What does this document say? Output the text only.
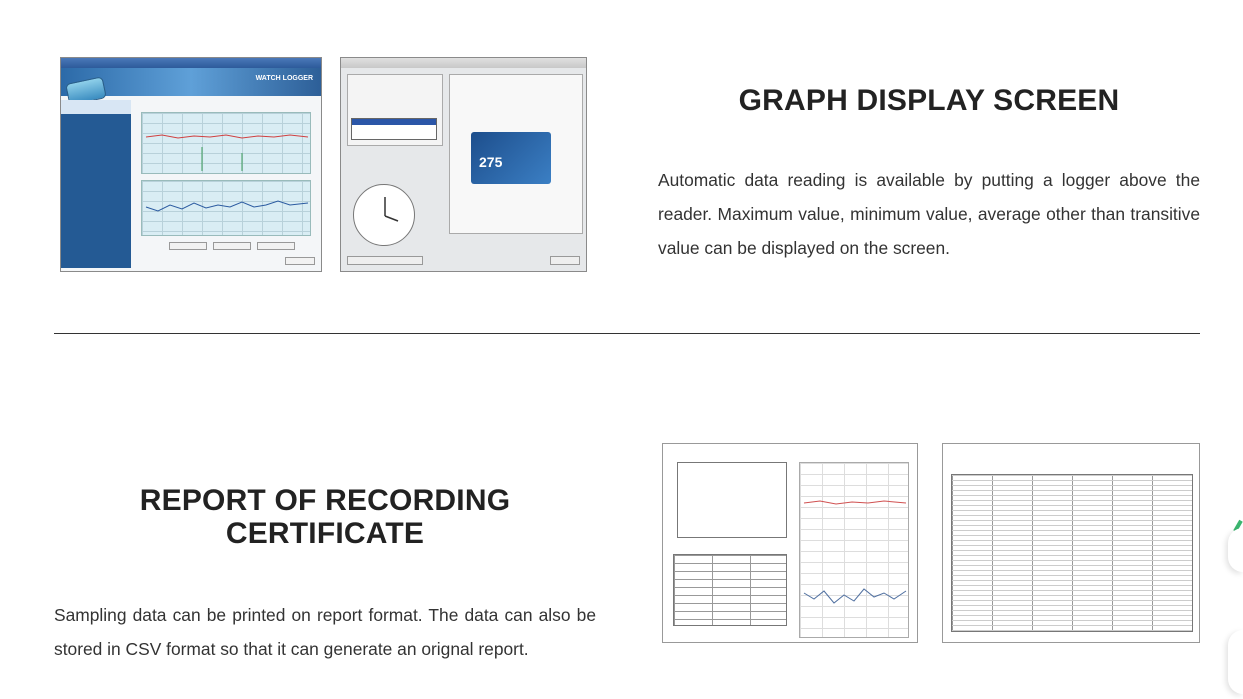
WATCH LOGGER
275
GRAPH DISPLAY SCREEN

Automatic data reading is available by putting a logger above the reader. Maximum value, minimum value, average other than transitive value can be displayed on the screen.

REPORT OF RECORDING CERTIFICATE

Sampling data can be printed on report format. The data can also be stored in CSV format so that it can generate an orignal report.
